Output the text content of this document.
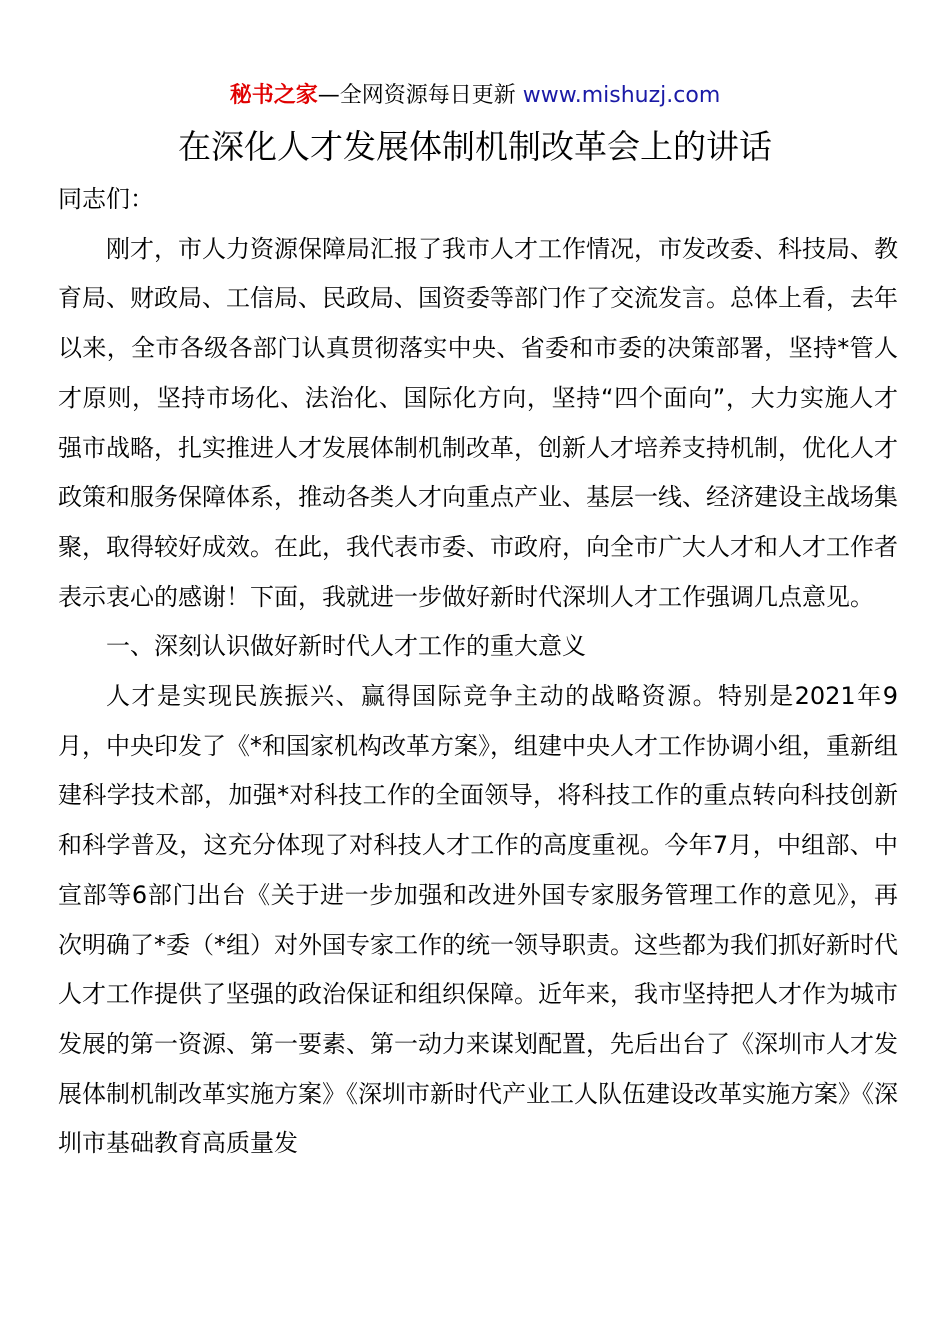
秘书之家—全网资源每日更新 www.mishuzj.com
在深化人才发展体制机制改革会上的讲话

同志们：

刚才，市人力资源保障局汇报了我市人才工作情况，市发改委、科技局、教育局、财政局、工信局、民政局、国资委等部门作了交流发言。总体上看，去年以来，全市各级各部门认真贯彻落实中央、省委和市委的决策部署，坚持*管人才原则，坚持市场化、法治化、国际化方向，坚持“四个面向”，大力实施人才强市战略，扎实推进人才发展体制机制改革，创新人才培养支持机制，优化人才政策和服务保障体系，推动各类人才向重点产业、基层一线、经济建设主战场集聚，取得较好成效。在此，我代表市委、市政府，向全市广大人才和人才工作者表示衷心的感谢！下面，我就进一步做好新时代深圳人才工作强调几点意见。

一、深刻认识做好新时代人才工作的重大意义

人才是实现民族振兴、赢得国际竞争主动的战略资源。特别是2021年9月，中央印发了《*和国家机构改革方案》，组建中央人才工作协调小组，重新组建科学技术部，加强*对科技工作的全面领导，将科技工作的重点转向科技创新和科学普及，这充分体现了对科技人才工作的高度重视。今年7月，中组部、中宣部等6部门出台《关于进一步加强和改进外国专家服务管理工作的意见》，再次明确了*委（*组）对外国专家工作的统一领导职责。这些都为我们抓好新时代人才工作提供了坚强的政治保证和组织保障。近年来，我市坚持把人才作为城市发展的第一资源、第一要素、第一动力来谋划配置，先后出台了《深圳市人才发展体制机制改革实施方案》《深圳市新时代产业工人队伍建设改革实施方案》《深圳市基础教育高质量发
